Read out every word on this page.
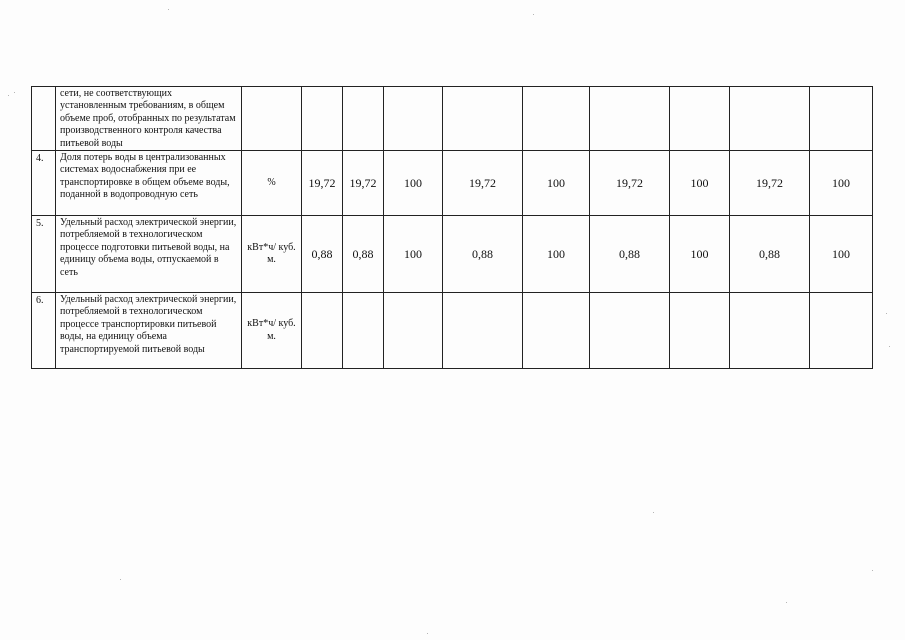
	сети, не соответствующих установленным требованиям, в общем объеме проб, отобранных по результатам производственного контроля качества питьевой воды										
4.	Доля потерь воды в централизованных системах водоснабжения при ее транспортировке в общем объеме воды, поданной в водопроводную сеть	%	19,72	19,72	100	19,72	100	19,72	100	19,72	100
5.	Удельный расход электрической энергии, потребляемой в технологическом процессе подготовки питьевой воды, на единицу объема воды, отпускаемой в сеть	кВт*ч/ куб. м.	0,88	0,88	100	0,88	100	0,88	100	0,88	100
6.	Удельный расход электрической энергии, потребляемой в технологическом процессе транспортировки питьевой воды, на единицу объема транспортируемой питьевой воды	кВт*ч/ куб. м.									
